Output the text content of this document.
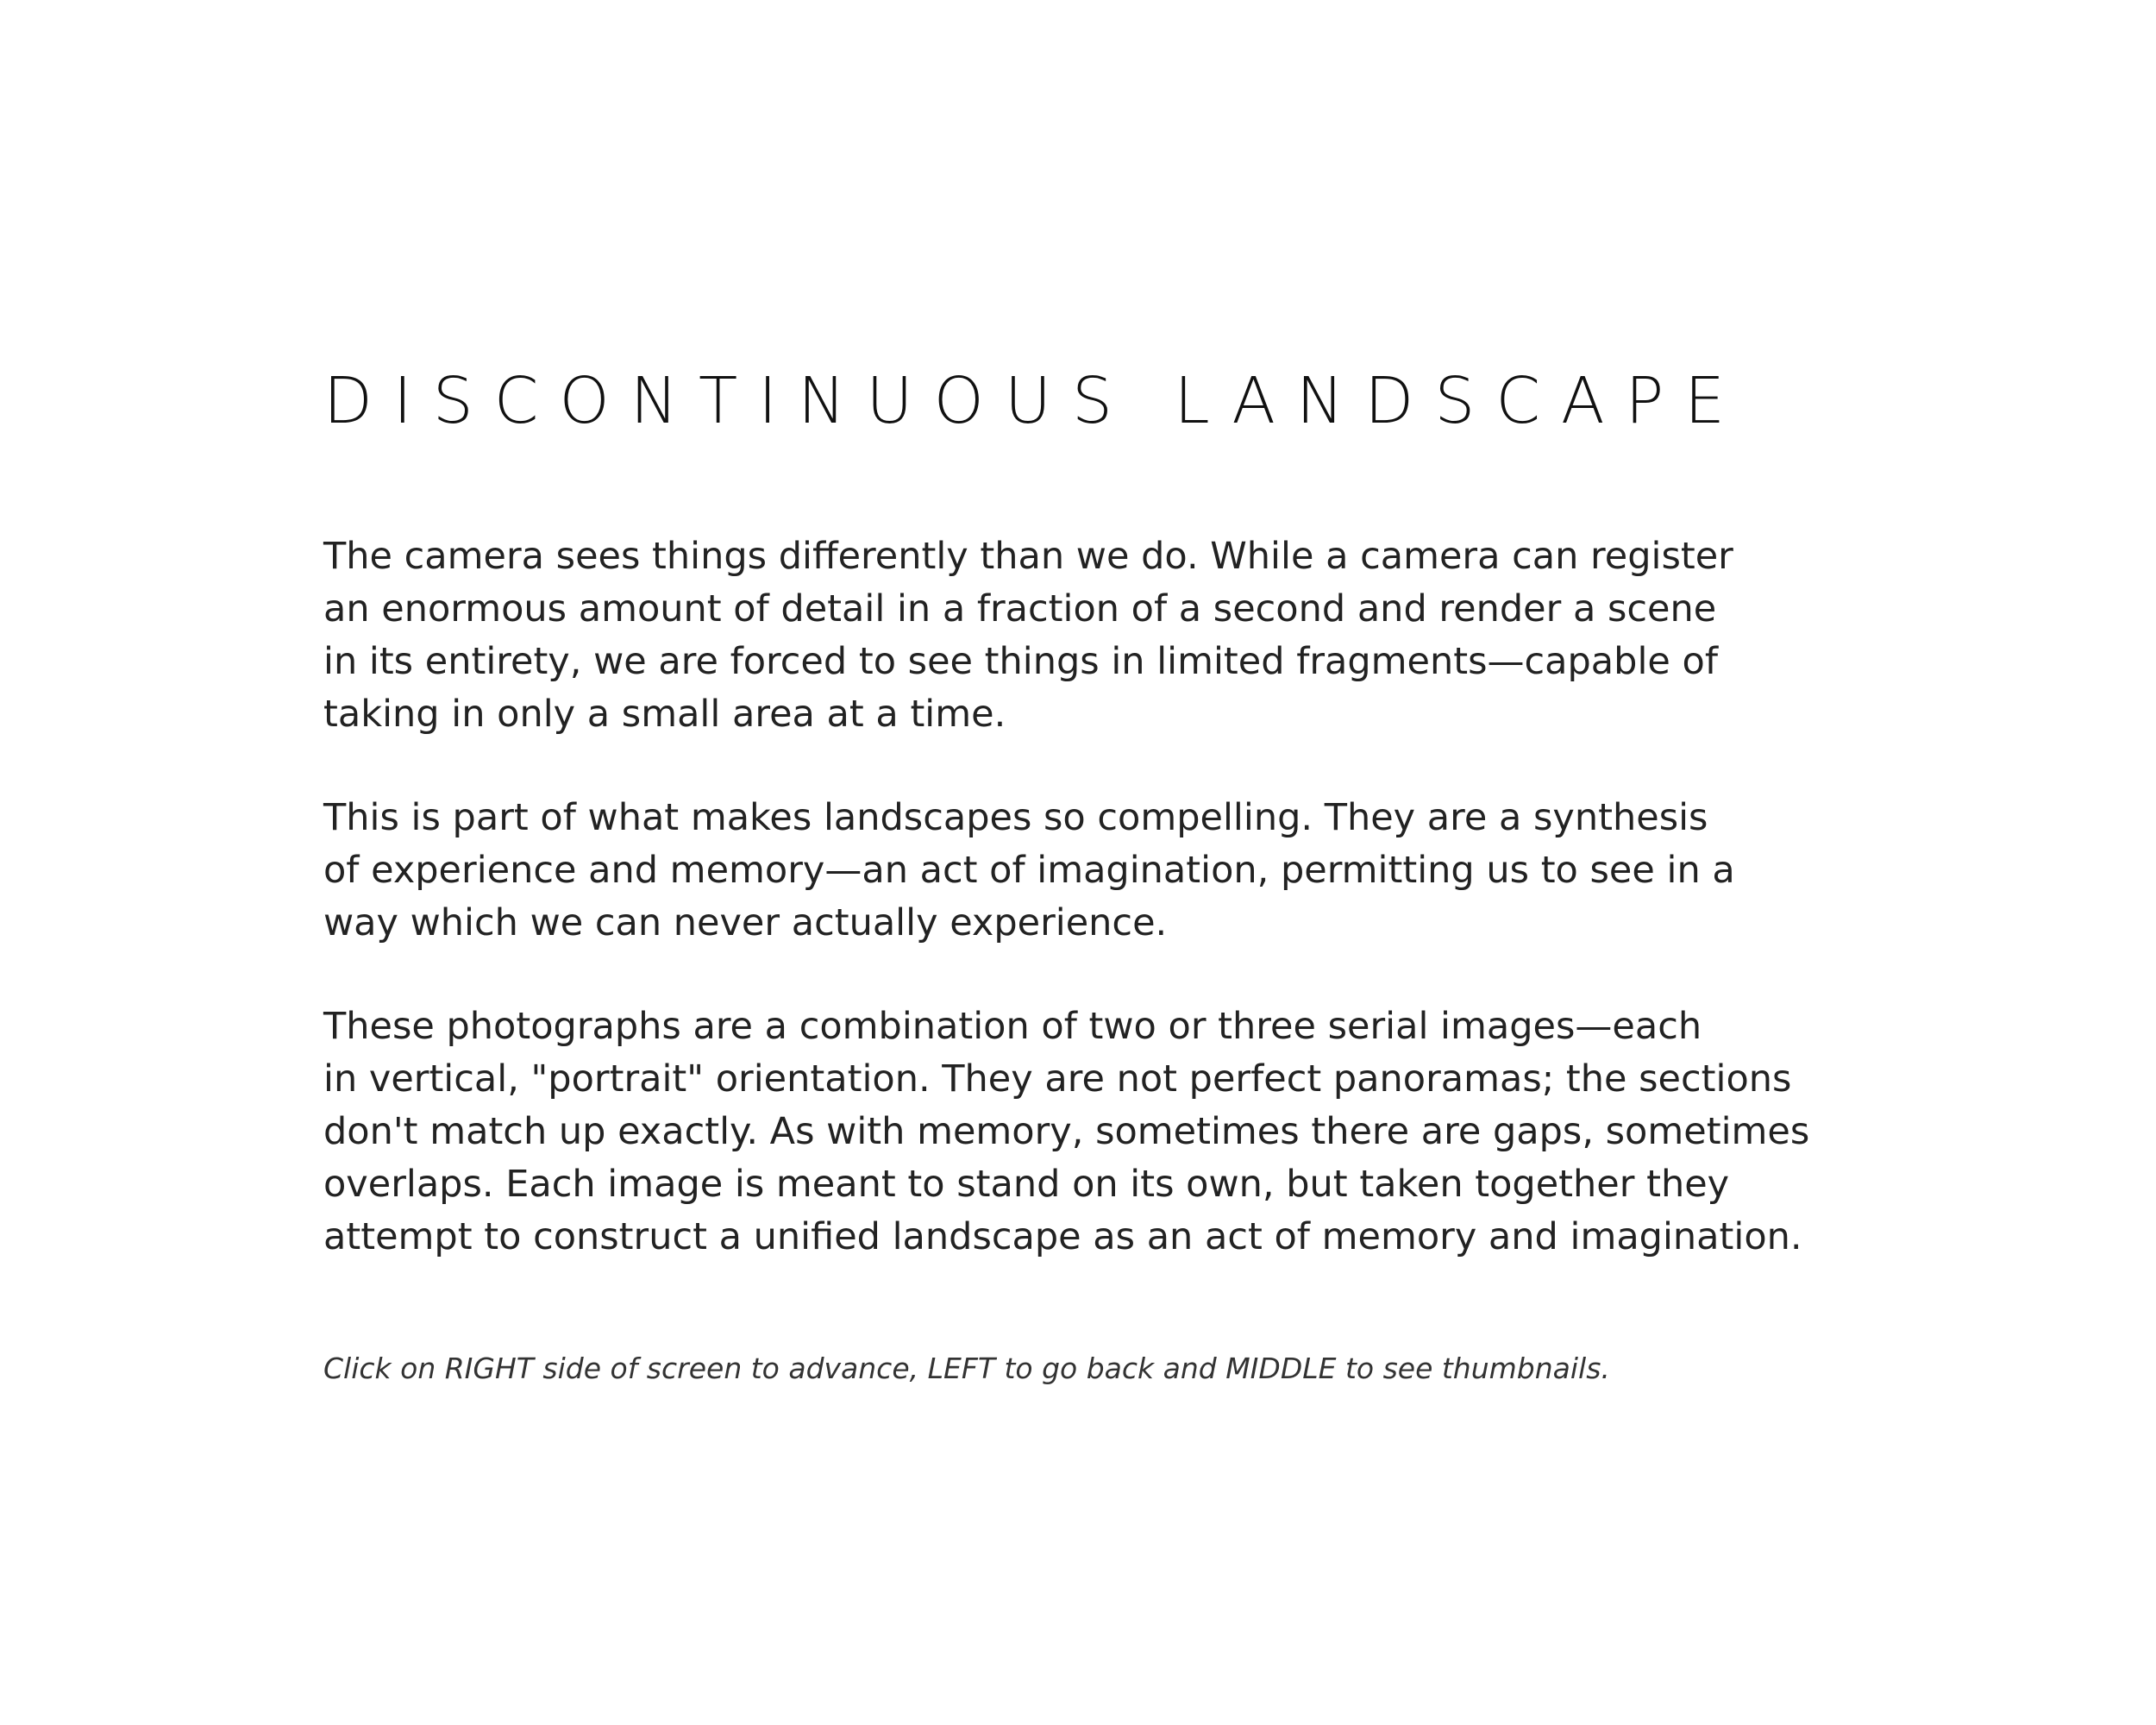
DISCONTINUOUS LANDSCAPE

The camera sees things differently than we do. While a camera can register
an enormous amount of detail in a fraction of a second and render a scene
in its entirety, we are forced to see things in limited fragments—capable of
taking in only a small area at a time.

This is part of what makes landscapes so compelling. They are a synthesis
of experience and memory—an act of imagination, permitting us to see in a
way which we can never actually experience.

These photographs are a combination of two or three serial images—each
in vertical, "portrait" orientation. They are not perfect panoramas; the sections
don't match up exactly. As with memory, sometimes there are gaps, sometimes
overlaps. Each image is meant to stand on its own, but taken together they
attempt to construct a unified landscape as an act of memory and imagination.

Click on RIGHT side of screen to advance, LEFT to go back and MIDDLE to see thumbnails.
